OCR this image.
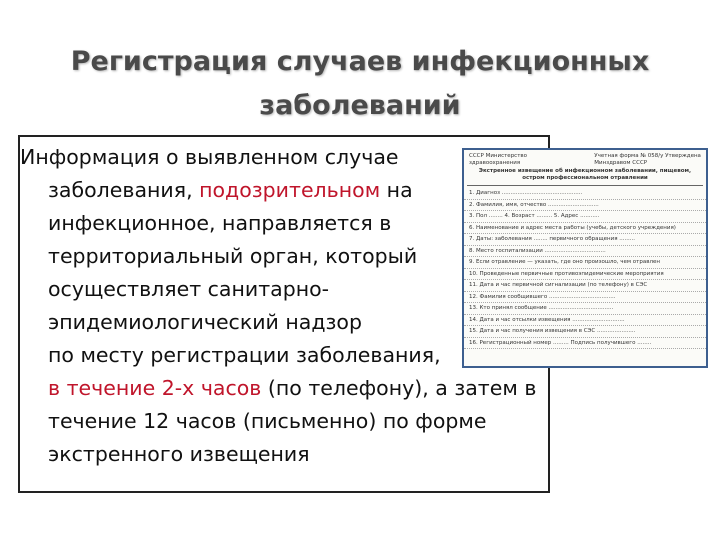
Регистрация случаев инфекционных
заболеваний

Информация о выявленном случае заболевания, подозрительном на инфекционное, направляется в территориальный орган, который осуществляет санитарно-эпидемиологический надзор

по месту регистрации заболевания,

в течение 2-х часов (по телефону), а затем в течение 12 часов (письменно) по форме экстренного извещения

СССР Министерство здравоохранения
Учетная форма № 058/у Утверждена Минздравом СССР
Экстренное извещение об инфекционном заболевании, пищевом, остром профессиональном отравлении
1. Диагноз ..............................................
2. Фамилия, имя, отчество .............................
3. Пол ........ 4. Возраст ......... 5. Адрес ...........
6. Наименование и адрес места работы (учебы, детского учреждения)
7. Даты: заболевания ........ первичного обращения .........
8. Место госпитализации ...................................
9. Если отравление — указать, где оно произошло, чем отравлен
10. Проведенные первичные противоэпидемические мероприятия
11. Дата и час первичной сигнализации (по телефону) в СЭС
12. Фамилия сообщившего ......................................
13. Кто принял сообщение .....................................
14. Дата и час отсылки извещения ..............................
15. Дата и час получения извещения в СЭС ......................
16. Регистрационный номер ......... Подпись получившего ........
